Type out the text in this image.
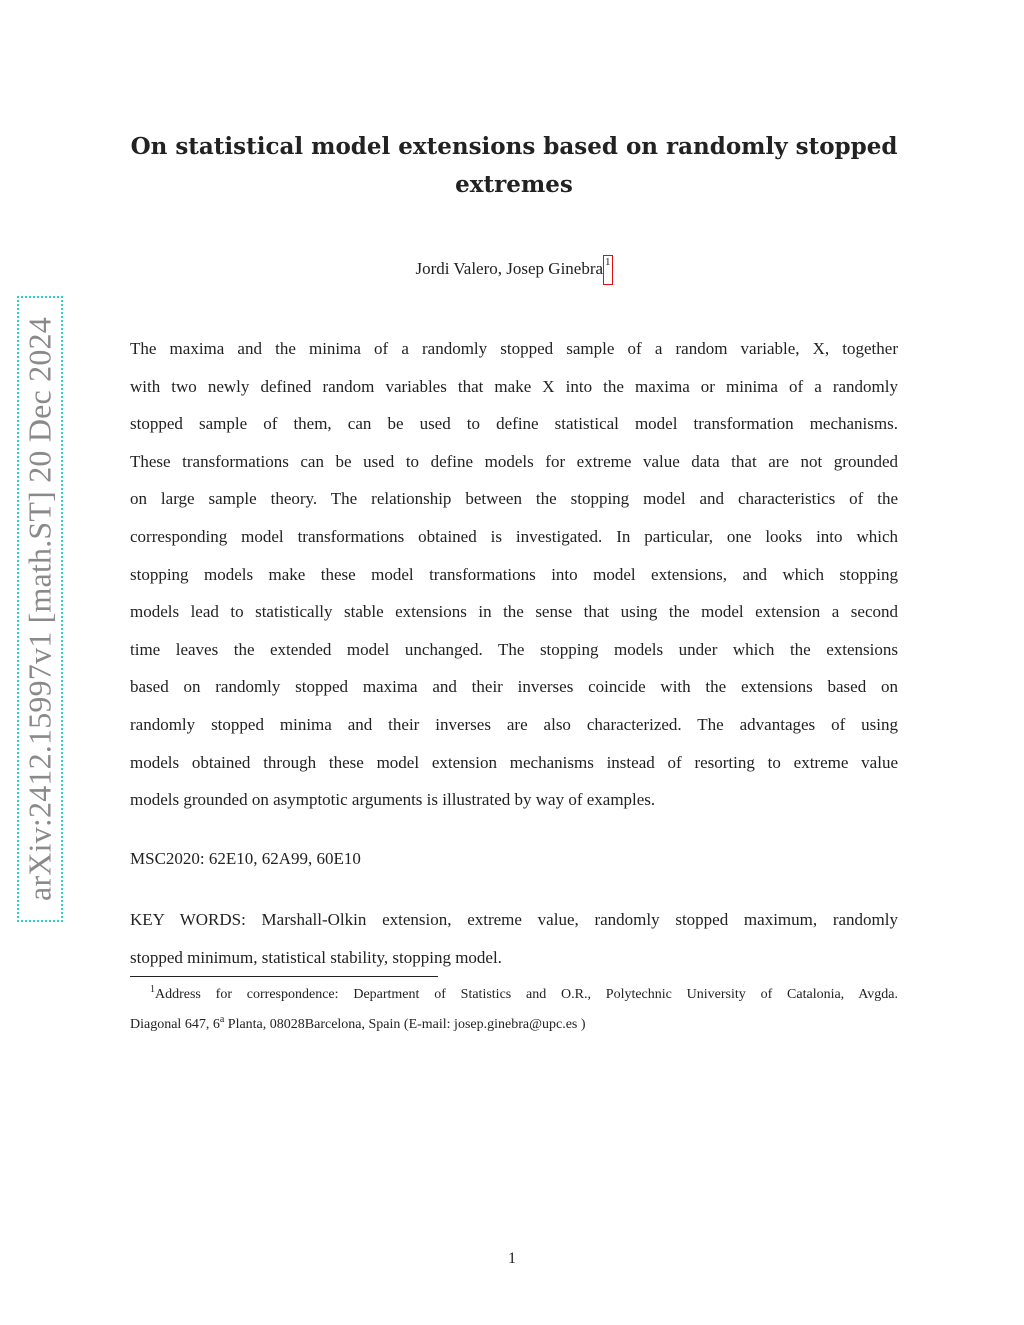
arXiv:2412.15997v1 [math.ST] 20 Dec 2024
On statistical model extensions based on randomly stopped
extremes
Jordi Valero, Josep Ginebra 1
The maxima and the minima of a randomly stopped sample of a random variable, X, together
with two newly defined random variables that make X into the maxima or minima of a randomly
stopped sample of them, can be used to define statistical model transformation mechanisms.
These transformations can be used to define models for extreme value data that are not grounded
on large sample theory. The relationship between the stopping model and characteristics of the
corresponding model transformations obtained is investigated. In particular, one looks into which
stopping models make these model transformations into model extensions, and which stopping
models lead to statistically stable extensions in the sense that using the model extension a second
time leaves the extended model unchanged. The stopping models under which the extensions
based on randomly stopped maxima and their inverses coincide with the extensions based on
randomly stopped minima and their inverses are also characterized. The advantages of using
models obtained through these model extension mechanisms instead of resorting to extreme value
models grounded on asymptotic arguments is illustrated by way of examples.
MSC2020: 62E10, 62A99, 60E10
KEY WORDS: Marshall-Olkin extension, extreme value, randomly stopped maximum, randomly
stopped minimum, statistical stability, stopping model.
$^1$Address for correspondence: Department of Statistics and O.R., Polytechnic University of Catalonia, Avgda.
Diagonal 647, 6$^a$ Planta, 08028Barcelona, Spain (E-mail: josep.ginebra@upc.es )
1
